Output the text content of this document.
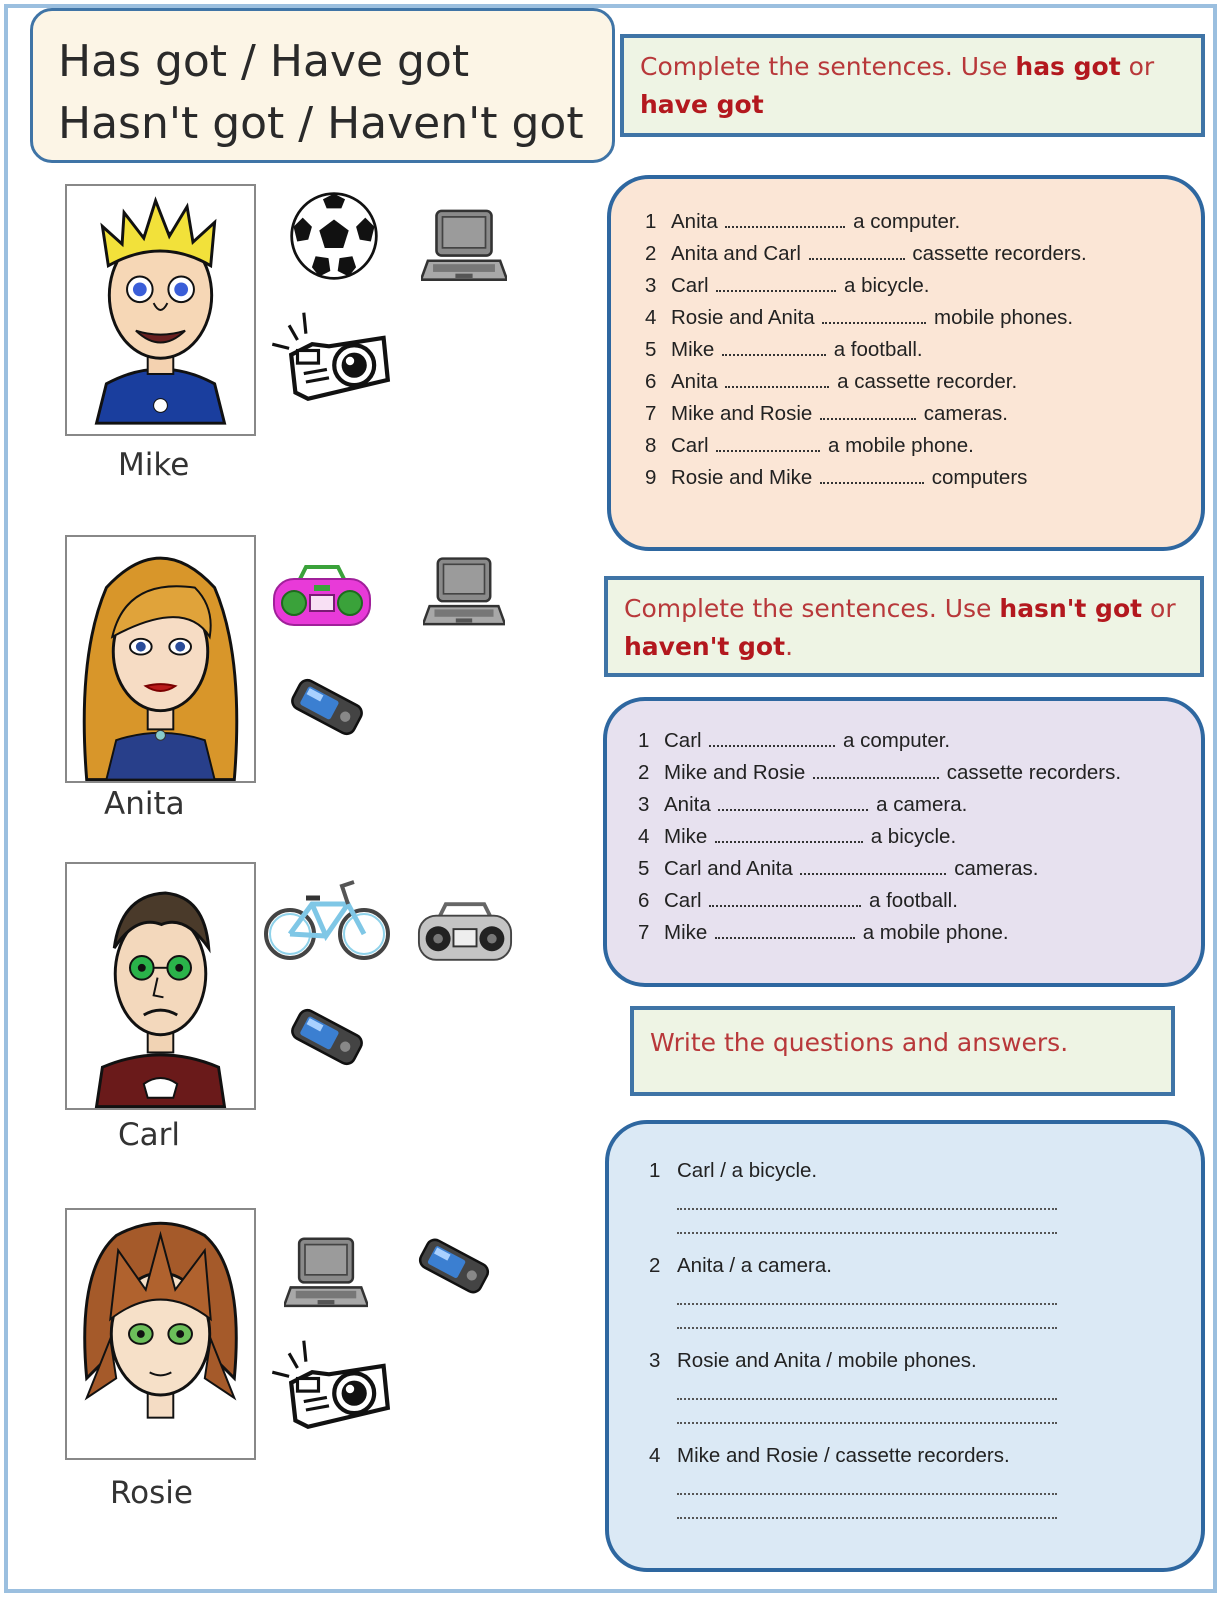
Has got / Have got
Hasn't got / Haven't got
Mike
Anita
Carl
Rosie
Complete the sentences. Use has got or have got
1 Anita	a computer.
2 Anita and Carl	cassette recorders.
3 Carl	a bicycle.
4 Rosie and Anita	mobile phones.
5 Mike	a football.
6 Anita	a cassette recorder.
7 Mike and Rosie	cameras.
8 Carl	a mobile phone.
9 Rosie and Mike	computers
Complete the sentences. Use hasn't got or haven't got.
1 Carl	a computer.
2 Mike and Rosie	cassette recorders.
3 Anita	a camera.
4 Mike	a bicycle.
5 Carl and Anita	cameras.
6 Carl	a football.
7 Mike	a mobile phone.
Write the questions and answers.
1 Carl / a bicycle.
2 Anita / a camera.
3 Rosie and Anita / mobile phones.
4 Mike and Rosie / cassette recorders.
